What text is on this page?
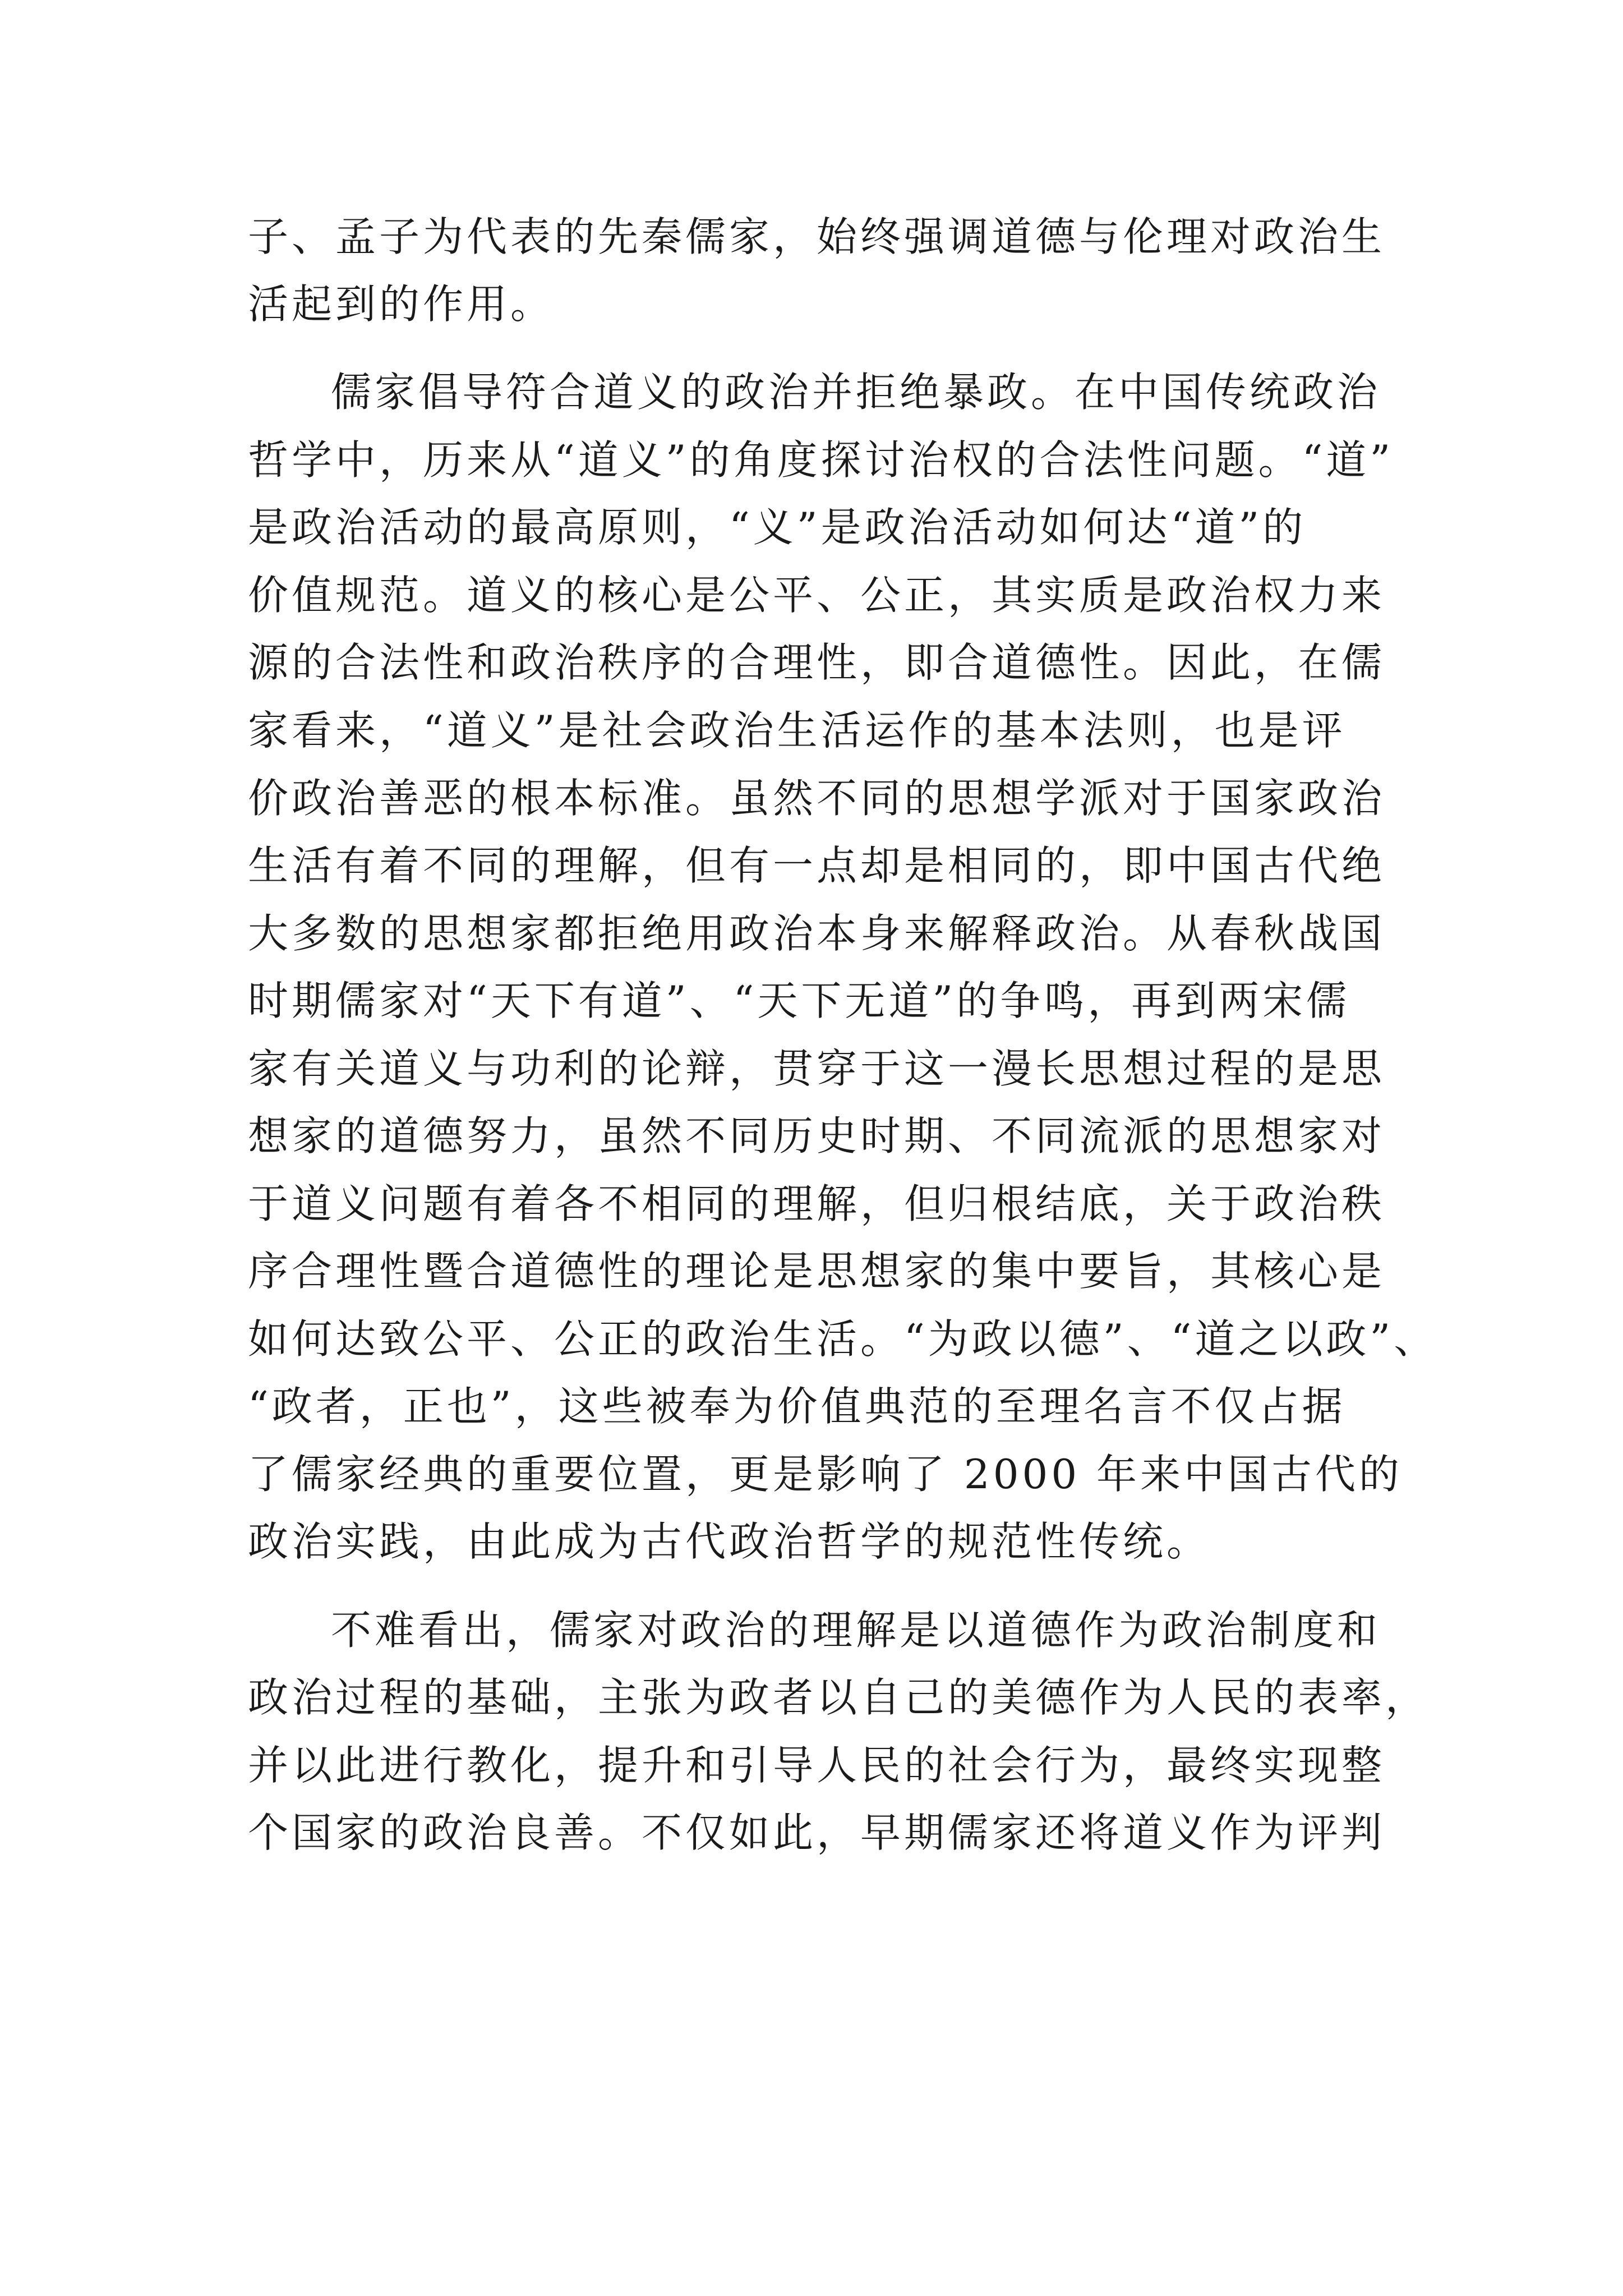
子、孟子为代表的先秦儒家，始终强调道德与伦理对政治生

活起到的作用。

儒家倡导符合道义的政治并拒绝暴政。在中国传统政治

哲学中，历来从“道义”的角度探讨治权的合法性问题。“道”

是政治活动的最高原则，“义”是政治活动如何达“道”的

价值规范。道义的核心是公平、公正，其实质是政治权力来

源的合法性和政治秩序的合理性，即合道德性。因此，在儒

家看来，“道义”是社会政治生活运作的基本法则，也是评

价政治善恶的根本标准。虽然不同的思想学派对于国家政治

生活有着不同的理解，但有一点却是相同的，即中国古代绝

大多数的思想家都拒绝用政治本身来解释政治。从春秋战国

时期儒家对“天下有道”、“天下无道”的争鸣，再到两宋儒

家有关道义与功利的论辩，贯穿于这一漫长思想过程的是思

想家的道德努力，虽然不同历史时期、不同流派的思想家对

于道义问题有着各不相同的理解，但归根结底，关于政治秩

序合理性暨合道德性的理论是思想家的集中要旨，其核心是

如何达致公平、公正的政治生活。“为政以德”、“道之以政”、

“政者，正也”，这些被奉为价值典范的至理名言不仅占据

了儒家经典的重要位置，更是影响了 2000 年来中国古代的

政治实践，由此成为古代政治哲学的规范性传统。

不难看出，儒家对政治的理解是以道德作为政治制度和

政治过程的基础，主张为政者以自己的美德作为人民的表率，

并以此进行教化，提升和引导人民的社会行为，最终实现整

个国家的政治良善。不仅如此，早期儒家还将道义作为评判
